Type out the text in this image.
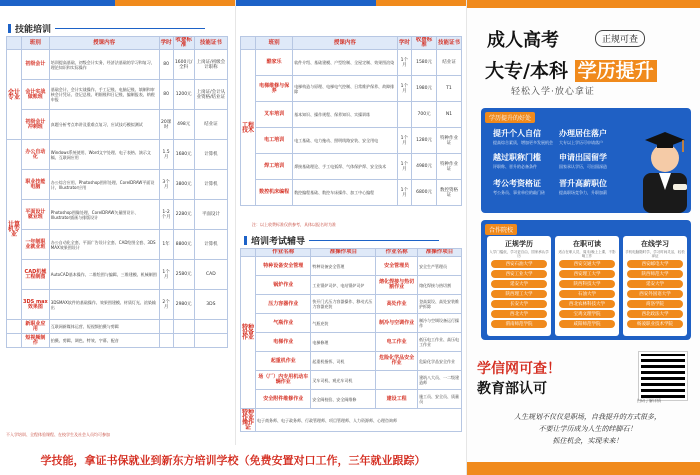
技能培训
	班别	授课内容	学时	收费标准	技能证书
会计专业	初级会计	培训提高基础，初级会计实务，经济法基础的学习和复习，理论知识和实际操作	80	1600元/全科	上岗证/初级会计职称
	会计实战做账班	基础会计、会计实战操作、手工记账、电脑记账、填制和审核会计凭证、登记总账、明细账和日记账，编制报表、纳税申报	80	1200元	上岗证/会计从业资格/结业证
	初级会计冲刺班	真题分析考点串讲及重难点复习，应试技巧模拟测试	20课时	498元	结业证
计算机专业	办公自动化	Windows系统使用、Word文字处理、电子表格、演示文稿、互联网应用	1.5月	1680元	计算机
	职业技能电脑	办公综合应用、Photoshop图形处理、CorelDRAW平面设计、Illustrator应用	3个月	3800元	计算机
	平面设计就业班	Photoshop图像处理、CorelDRAW矢量图设计、Illustrator插画与排版设计	1-2个月	2280元	平面设计
	一年制职业就业班	办公自动化全套、平面广告设计全套、CAD绘图全套、3DS MAX效果图设计	1年	8800元	计算机
	CAD机械工程制图	AutoCAD基本操作、二维绘图与编辑、三维建模、机械制图	1个月	2580元	CAD
	3DS max效果图	3DSMAX软件的基础操作、效果图建模、材质灯光、渲染输出	2个月	2980元	3DS
	新职业应用	互联网新媒体运营、短视频拍摄与剪辑			
	短视频制作	拍摄、剪辑、调色、特效、字幕、配音			
不入学培训、全程体验课程、在校学生及社会人员均可参加
	班别	授课内容	学时	收费标准	技能证书
工程技术	酷家乐	软件介绍、基础建模、户型绘制、全屋定制、效果图渲染	1个月	1580元	结业证
	电梯维修与保养	电梯构造与原理、电梯电气控制、日常维护保养、故障排除	1个月	1980元	T1
	叉车培训	基本知识、操作规程、保养知识、实操训练		700元	N1
	电工培训	电工基础、电力拖动、照明线路安装、安全用电	1个月	1280元	特种作业证
	焊工培训	焊接基础理论、手工电弧焊、气体保护焊、安全技术	1个月	4980元	特种作业证
	数控机床编程	数控编程基础、数控车床操作、加工中心编程	1个月	6800元	数控资格证
注：以上收费标准仅供参考，具体以报名时为准
培训考试辅导
	作业名称	准操作项目	作业名称	准操作项目
特种设备作业	特种设备安全管理	特种设备安全管理	安全管理员	安全生产管理员
	锅炉作业	工业锅炉司炉、电站锅炉司炉	熔化焊接与热切割作业	熔化焊接与热切割
	压力容器作业	快开门式压力容器操作、移动式压力容器充装	高处作业	登高架设、高处安装维护拆除
	气瓶作业	气瓶充装	制冷与空调作业	制冷与空调设备运行操作
	电梯作业	电梯修理	电工作业	低压电工作业、高压电工作业
	起重机作业	起重机指挥、司机	危险化学品安全作业	危险化学品安全作业
	场（厂）内专用机动车辆作业	叉车司机、观光车司机		建筑八大员、一二级建造师
	安全附件维修作业	安全阀校验、安全阀维修	建设工程	施工员、安全员、质量员
特种作业操作证	电子商务师、电子政务师、行政管理师、项目管理师、人力资源师、心理咨询师			
学技能，拿证书保就业到新东方培训学校（免费安置对口工作，三年就业跟踪）
成人高考	正规可查
大专/本科 学历提升
轻松入学·放心拿证
学历提升的好处
提升个人自信
提高综合素质，增加更多发展机会
办理居住落户
大专以上学历可申请落户
越过职称门槛
评职称、晋升的必备条件
申请出国留学
国家承认学历，可出国深造
考公考资格证
考公务员、事业单位的敲门砖
晋升高薪职位
提高职场竞争力，升职加薪
合作院校
正规学历
入学门槛低，学习更自由，国家承认学历
西安石油大学
西安工业大学
延安大学
陕西理工大学
长安大学
西北大学
渭南师范学院
在职可读
适合在职人员，周末/晚上上课，不影响工作
西安交通大学
西安理工大学
陕西科技大学
石油大学
西北农林科技大学
宝鸡文理学院
咸阳师范学院
在线学习
手机电脑随时学，学习时间灵活，轻松拿证
西安邮电大学
陕西师范大学
延安大学
西安外国语大学
商洛学院
西北政法大学
杨凌职业技术学院
学信网可查！
教育部认可
扫码了解详情
人生规划不仅仅是职场，自我提升的方式很多，
不要让学历成为人生的绊脚石！
抓住机会，实现未来！
